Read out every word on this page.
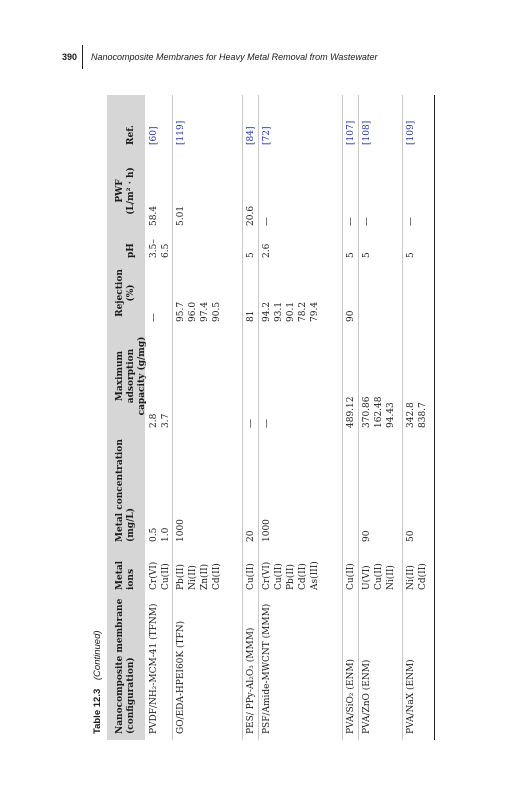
390 Nanocomposite Membranes for Heavy Metal Removal from Wastewater
Table 12.3 (Continued)
Nanocomposite membrane
(configuration)
Metal
ions
Metal concentration
(mg/L)
Maximum adsorption
capacity (g/mg)
Rejection
(%)
pH
PWF
(L/m² · h)
Ref.
PVDF/NH₂-MCM-41 (TFNM)
Cr(VI)
Cu(II)
0.5
1.0
2.8
3.7
—
3.5–
6.5
58.4
[60]
GO/EDA-HPEI60K (TFN)
Pb(II)
Ni(II)
Zn(II)
Cd(II)
1000
95.7
96.0
97.4
90.5
5.01
[119]
PES/ PPy-Al₂O₃ (MMM)
Cu(II)
20
—
81
5
20.6
[84]
PSF/Amide-MWCNT (MMM)
Cr(VI)
Cu(II)
Pb(II)
Cd(II)
As(III)
1000
—
94.2
93.1
90.1
78.2
79.4
2.6
—
[72]
PVA/SiO₂ (ENM)
Cu(II)
489.12
90
5
—
[107]
PVA/ZnO (ENM)
U(VI)
Cu(II)
Ni(II)
90
370.86
162.48
94.43
5
—
[108]
PVA/NaX (ENM)
Ni(II)
Cd(II)
50
342.8
838.7
5
—
[109]
